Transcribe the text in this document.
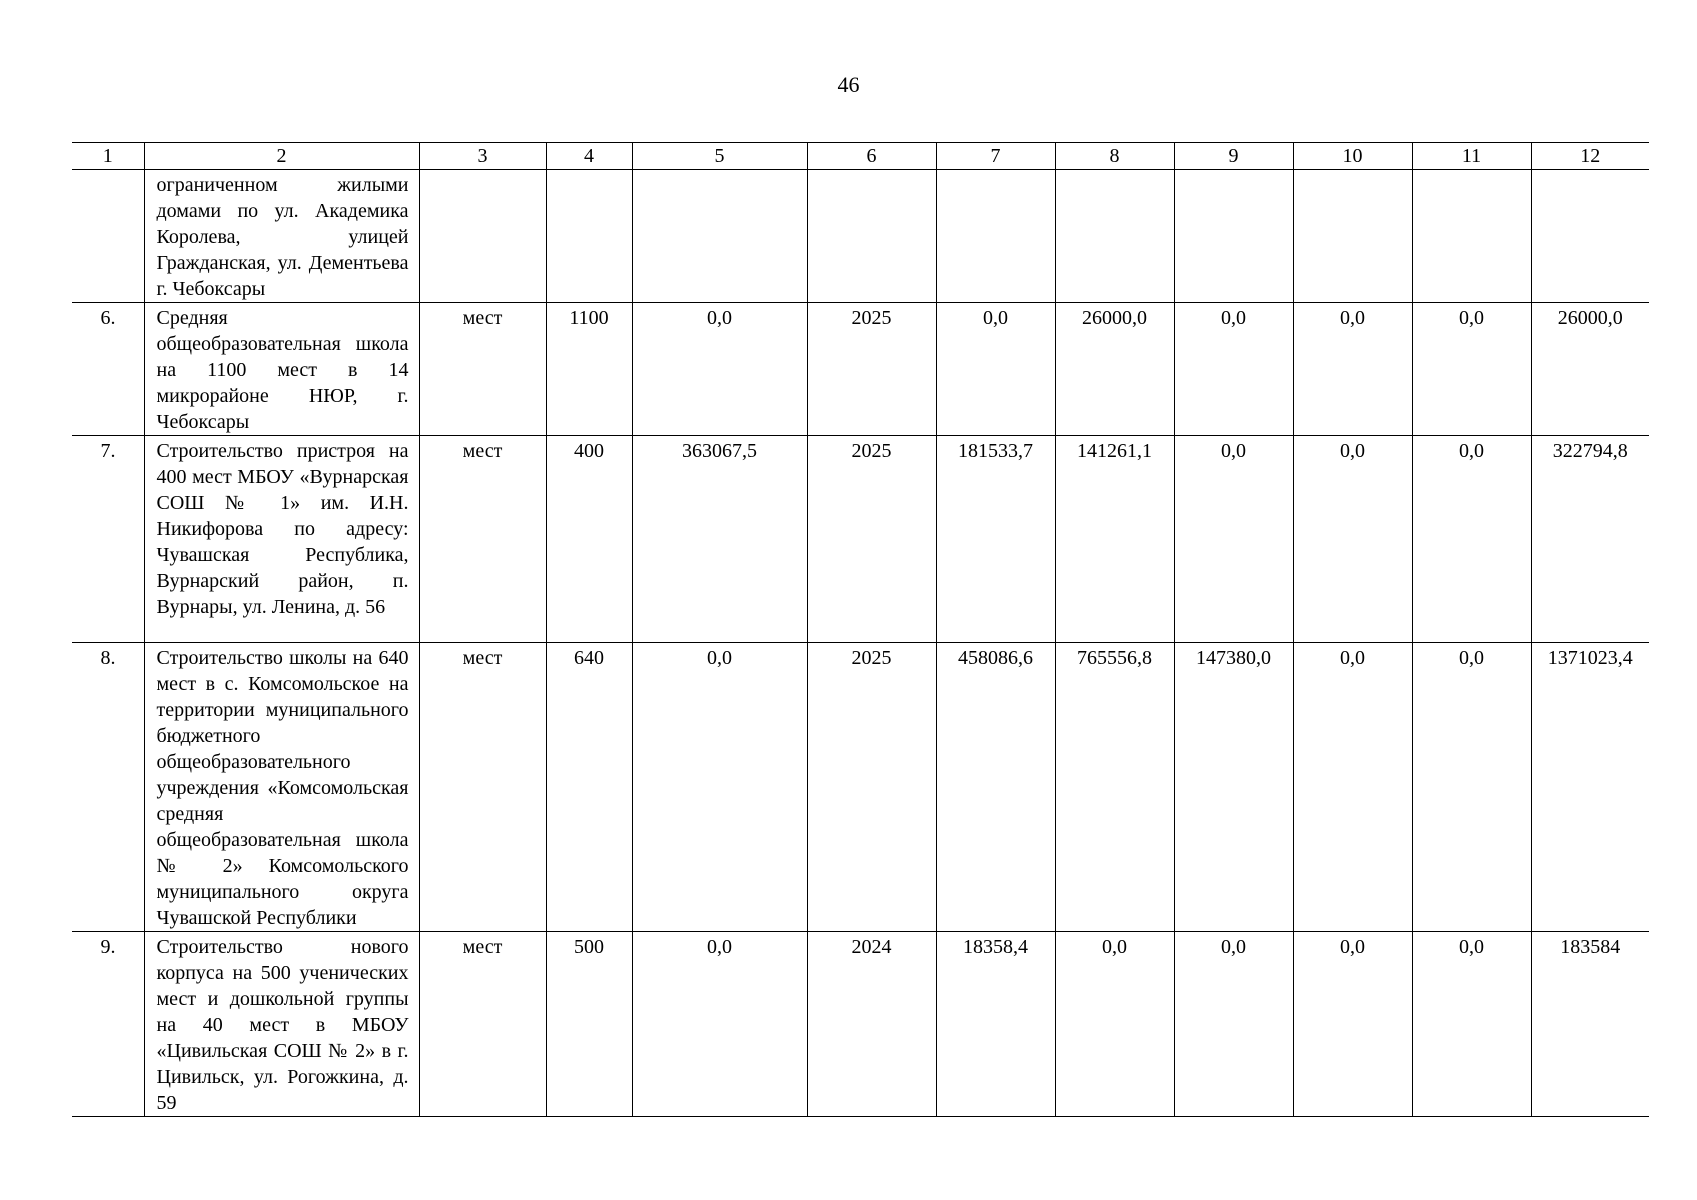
46
1	2	3	4	5	6	7	8	9	10	11	12
	ограниченном жилыми домами по ул. Академика Королева, улицей Гражданская, ул. Дементьева г. Чебоксары										
6.	Средняя общеобразовательная школа на 1100 мест в 14 микрорайоне НЮР, г. Чебоксары	мест	1100	0,0	2025	0,0	26000,0	0,0	0,0	0,0	26000,0
7.	Строительство пристроя на 400 мест МБОУ «Вурнарская СОШ № 1» им. И.Н. Никифорова по адресу: Чувашская Республика, Вурнарский район, п. Вурнары, ул. Ленина, д. 56	мест	400	363067,5	2025	181533,7	141261,1	0,0	0,0	0,0	322794,8
8.	Строительство школы на 640 мест в с. Комсомольское на территории муниципального бюджетного общеобразовательного учреждения «Комсомольская средняя общеобразовательная школа № 2» Комсомольского муниципального округа Чувашской Республики	мест	640	0,0	2025	458086,6	765556,8	147380,0	0,0	0,0	1371023,4
9.	Строительство нового корпуса на 500 ученических мест и дошкольной группы на 40 мест в МБОУ «Цивильская СОШ № 2» в г. Цивильск, ул. Рогожкина, д. 59	мест	500	0,0	2024	18358,4	0,0	0,0	0,0	0,0	183584
